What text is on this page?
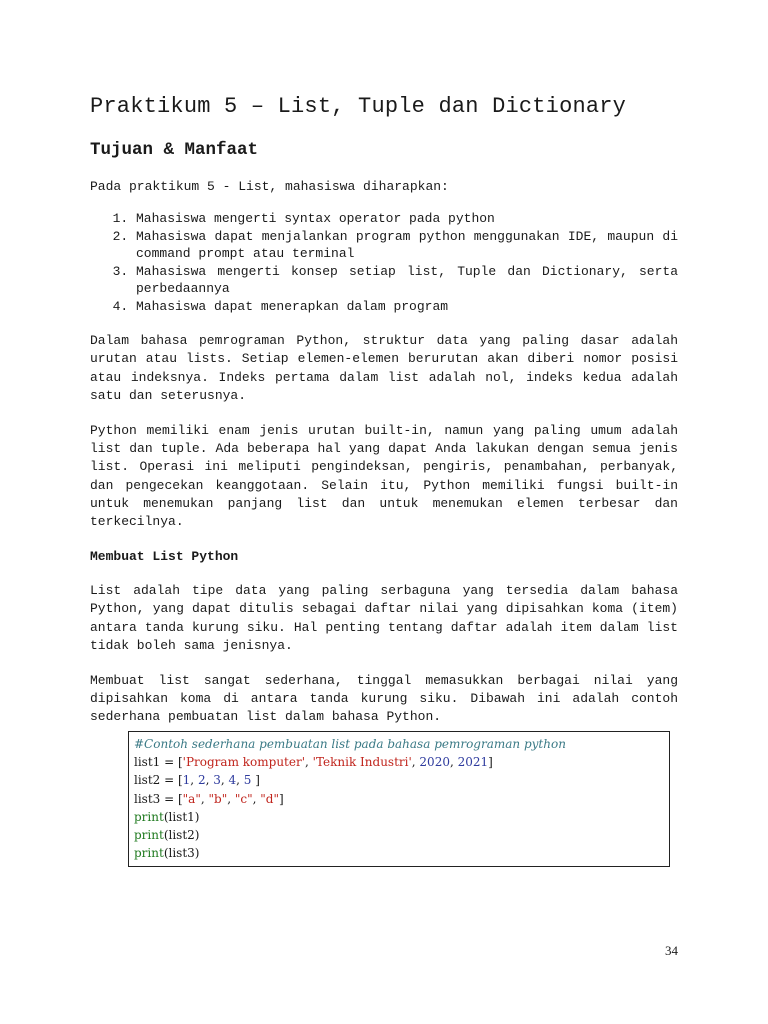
Praktikum 5 – List, Tuple dan Dictionary
Tujuan & Manfaat
Pada praktikum 5 - List, mahasiswa diharapkan:
1. Mahasiswa mengerti syntax operator pada python
2. Mahasiswa dapat menjalankan program python menggunakan IDE, maupun di command prompt atau terminal
3. Mahasiswa mengerti konsep setiap list, Tuple dan Dictionary, serta perbedaannya
4. Mahasiswa dapat menerapkan dalam program
Dalam bahasa pemrograman Python, struktur data yang paling dasar adalah urutan atau lists. Setiap elemen-elemen berurutan akan diberi nomor posisi atau indeksnya. Indeks pertama dalam list adalah nol, indeks kedua adalah satu dan seterusnya.
Python memiliki enam jenis urutan built-in, namun yang paling umum adalah list dan tuple. Ada beberapa hal yang dapat Anda lakukan dengan semua jenis list. Operasi ini meliputi pengindeksan, pengiris, penambahan, perbanyak, dan pengecekan keanggotaan. Selain itu, Python memiliki fungsi built-in untuk menemukan panjang list dan untuk menemukan elemen terbesar dan terkecilnya.
Membuat List Python
List adalah tipe data yang paling serbaguna yang tersedia dalam bahasa Python, yang dapat ditulis sebagai daftar nilai yang dipisahkan koma (item) antara tanda kurung siku. Hal penting tentang daftar adalah item dalam list tidak boleh sama jenisnya.
Membuat list sangat sederhana, tinggal memasukkan berbagai nilai yang dipisahkan koma di antara tanda kurung siku. Dibawah ini adalah contoh sederhana pembuatan list dalam bahasa Python.
#Contoh sederhana pembuatan list pada bahasa pemrograman python
list1 = ['Program komputer', 'Teknik Industri', 2020, 2021]
list2 = [1, 2, 3, 4, 5 ]
list3 = ["a", "b", "c", "d"]
print(list1)
print(list2)
print(list3)
34
